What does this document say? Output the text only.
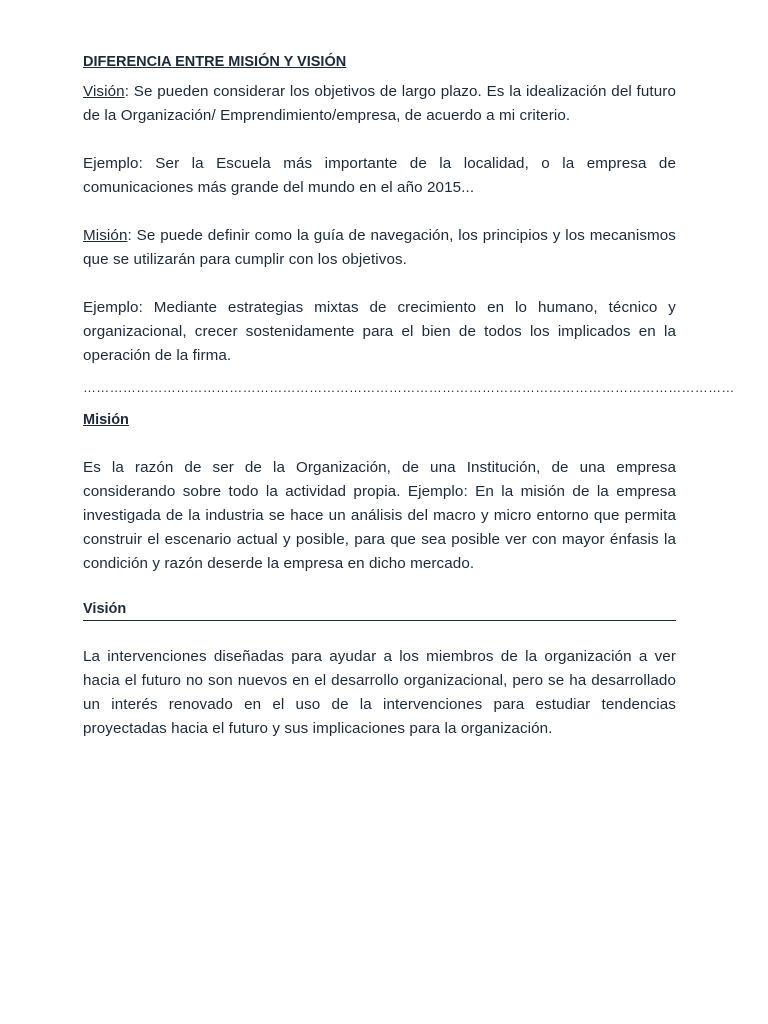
DIFERENCIA ENTRE MISIÓN Y VISIÓN

Visión: Se pueden considerar los objetivos de largo plazo. Es la idealización del futuro de la Organización/ Emprendimiento/empresa, de acuerdo a mi criterio.

Ejemplo: Ser la Escuela más importante de la localidad, o la empresa de comunicaciones más grande del mundo en el año 2015...

Misión: Se puede definir como la guía de navegación, los principios y los mecanismos que se utilizarán para cumplir con los objetivos.

Ejemplo: Mediante estrategias mixtas de crecimiento en lo humano, técnico y organizacional, crecer sostenidamente para el bien de todos los implicados en la operación de la firma.

…………………………………………………………………………………………………………………………………
Misión

Es la razón de ser de la Organización, de una Institución, de una empresa considerando sobre todo la actividad propia. Ejemplo: En la misión de la empresa investigada de la industria se hace un análisis del macro y micro entorno que permita construir el escenario actual y posible, para que sea posible ver con mayor énfasis la condición y razón deserde la empresa en dicho mercado.

Visión

La intervenciones diseñadas para ayudar a los miembros de la organización a ver hacia el futuro no son nuevos en el desarrollo organizacional, pero se ha desarrollado un interés renovado en el uso de la intervenciones para estudiar tendencias proyectadas hacia el futuro y sus implicaciones para la organización.
